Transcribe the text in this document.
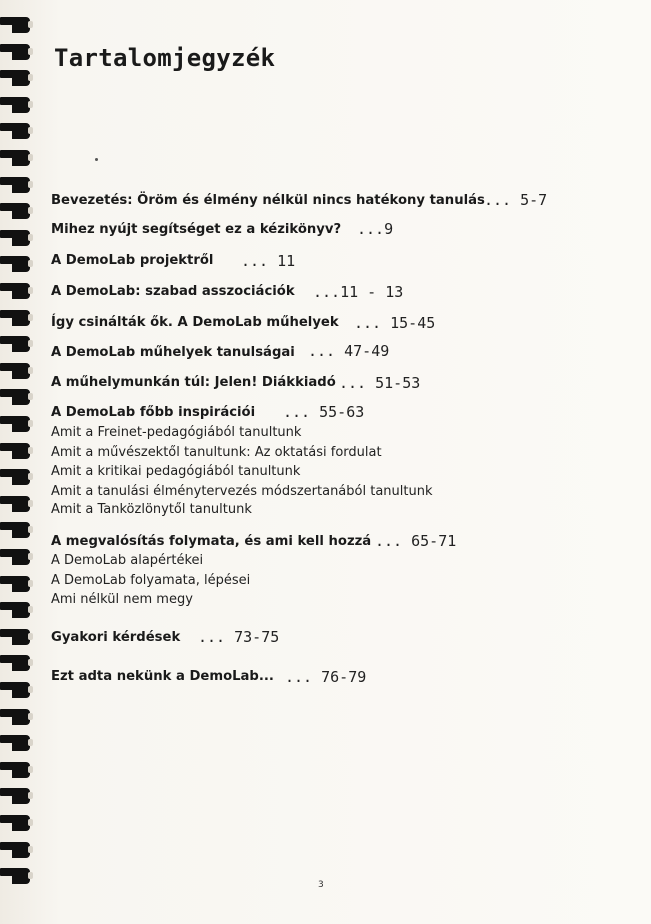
Tartalomjegyzék
Bevezetés: Öröm és élmény nélkül nincs hatékony tanulás ... 5-7
Mihez nyújt segítséget ez a kézikönyv? ...9
A DemoLab projektről ... 11
A DemoLab: szabad asszociációk ...11 - 13
Így csinálták ők. A DemoLab műhelyek ... 15-45
A DemoLab műhelyek tanulságai ... 47-49
A műhelymunkán túl: Jelen! Diákkiadó ... 51-53
A DemoLab főbb inspirációi ... 55-63
Amit a Freinet-pedagógiából tanultunk
Amit a művészektől tanultunk: Az oktatási fordulat
Amit a kritikai pedagógiából tanultunk
Amit a tanulási élménytervezés módszertanából tanultunk
Amit a Tanközlönytől tanultunk
A megvalósítás folymata, és ami kell hozzá ... 65-71
A DemoLab alapértékei
A DemoLab folyamata, lépései
Ami nélkül nem megy
Gyakori kérdések ... 73-75
Ezt adta nekünk a DemoLab... ... 76-79
3
